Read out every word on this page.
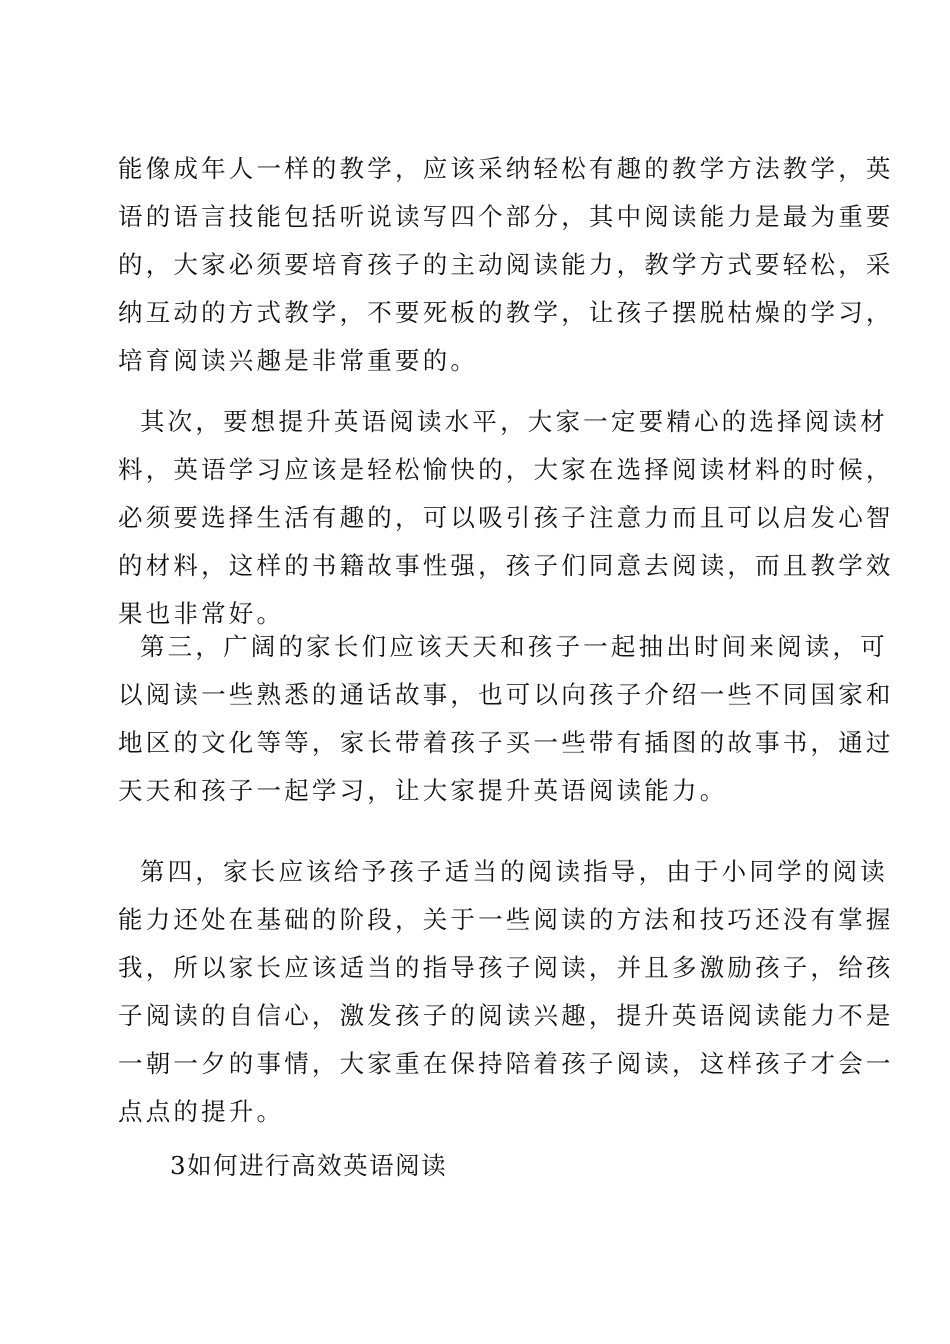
能像成年人一样的教学，应该采纳轻松有趣的教学方法教学，英
语的语言技能包括听说读写四个部分，其中阅读能力是最为重要
的，大家必须要培育孩子的主动阅读能力，教学方式要轻松，采
纳互动的方式教学，不要死板的教学，让孩子摆脱枯燥的学习，
培育阅读兴趣是非常重要的。
其次，要想提升英语阅读水平，大家一定要精心的选择阅读材
料，英语学习应该是轻松愉快的，大家在选择阅读材料的时候，
必须要选择生活有趣的，可以吸引孩子注意力而且可以启发心智
的材料，这样的书籍故事性强，孩子们同意去阅读，而且教学效
果也非常好。
第三，广阔的家长们应该天天和孩子一起抽出时间来阅读，可
以阅读一些熟悉的通话故事，也可以向孩子介绍一些不同国家和
地区的文化等等，家长带着孩子买一些带有插图的故事书，通过
天天和孩子一起学习，让大家提升英语阅读能力。
第四，家长应该给予孩子适当的阅读指导，由于小同学的阅读
能力还处在基础的阶段，关于一些阅读的方法和技巧还没有掌握
我，所以家长应该适当的指导孩子阅读，并且多激励孩子，给孩
子阅读的自信心，激发孩子的阅读兴趣，提升英语阅读能力不是
一朝一夕的事情，大家重在保持陪着孩子阅读，这样孩子才会一
点点的提升。
3如何进行高效英语阅读
